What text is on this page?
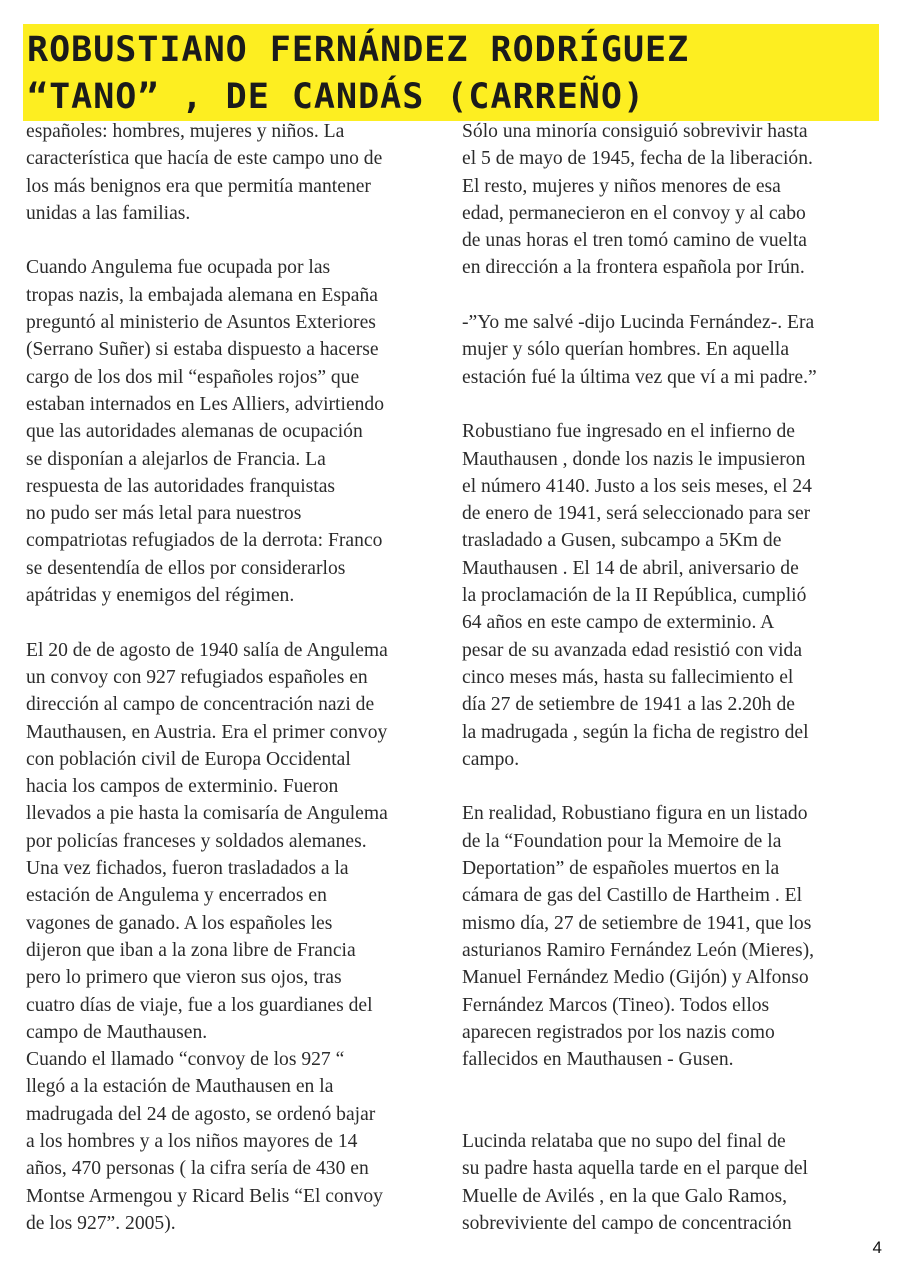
ROBUSTIANO FERNÁNDEZ RODRÍGUEZ
“TANO” , DE CANDÁS (CARREÑO)
españoles: hombres, mujeres y niños. La
característica que hacía de este campo uno de
los más benignos era que permitía mantener
unidas a las familias.
Cuando Angulema fue ocupada por las
tropas nazis, la embajada alemana en España
preguntó al ministerio de Asuntos Exteriores
(Serrano Suñer) si estaba dispuesto a hacerse
cargo de los dos mil “españoles rojos” que
estaban internados en Les Alliers, advirtiendo
que las autoridades alemanas de ocupación
se disponían a alejarlos de Francia. La
respuesta de las autoridades franquistas
no pudo ser más letal para nuestros
compatriotas refugiados de la derrota: Franco
se desentendía de ellos por considerarlos
apátridas y enemigos del régimen.
El 20 de de agosto de 1940 salía de Angulema
un convoy con 927 refugiados españoles en
dirección al campo de concentración nazi de
Mauthausen, en Austria. Era el primer convoy
con población civil de Europa Occidental
hacia los campos de exterminio. Fueron
llevados a pie hasta la comisaría de Angulema
por policías franceses y soldados alemanes.
Una vez fichados, fueron trasladados a la
estación de Angulema y encerrados en
vagones de ganado. A los españoles les
dijeron que iban a la zona libre de Francia
pero lo primero que vieron sus ojos, tras
cuatro días de viaje, fue a los guardianes del
campo de Mauthausen.
Cuando el llamado “convoy de los 927 “
llegó a la estación de Mauthausen en la
madrugada del 24 de agosto, se ordenó bajar
a los hombres y a los niños mayores de 14
años, 470 personas ( la cifra sería de 430 en
Montse Armengou y Ricard Belis “El convoy
de los 927”. 2005).
Sólo una minoría consiguió sobrevivir hasta
el 5 de mayo de 1945, fecha de la liberación.
El resto, mujeres y niños menores de esa
edad, permanecieron en el convoy y al cabo
de unas horas el tren tomó camino de vuelta
en dirección a la frontera española por Irún.
-”Yo me salvé -dijo Lucinda Fernández-. Era
mujer y sólo querían hombres. En aquella
estación fué la última vez que ví a mi padre.”
Robustiano fue ingresado en el infierno de
Mauthausen , donde los nazis le impusieron
el número 4140. Justo a los seis meses, el 24
de enero de 1941, será seleccionado para ser
trasladado a Gusen, subcampo a 5Km de
Mauthausen . El 14 de abril, aniversario de
la proclamación de la II República, cumplió
64 años en este campo de exterminio. A
pesar de su avanzada edad resistió con vida
cinco meses más, hasta su fallecimiento el
día 27 de setiembre de 1941 a las 2.20h de
la madrugada , según la ficha de registro del
campo.
En realidad, Robustiano figura en un listado
de la “Foundation pour la Memoire de la
Deportation” de españoles muertos en la
cámara de gas del Castillo de Hartheim . El
mismo día, 27 de setiembre de 1941, que los
asturianos Ramiro Fernández León (Mieres),
Manuel Fernández Medio (Gijón) y Alfonso
Fernández Marcos (Tineo). Todos ellos
aparecen registrados por los nazis como
fallecidos en Mauthausen - Gusen.
Lucinda relataba que no supo del final de
su padre hasta aquella tarde en el parque del
Muelle de Avilés , en la que Galo Ramos,
sobreviviente del campo de concentración
4
